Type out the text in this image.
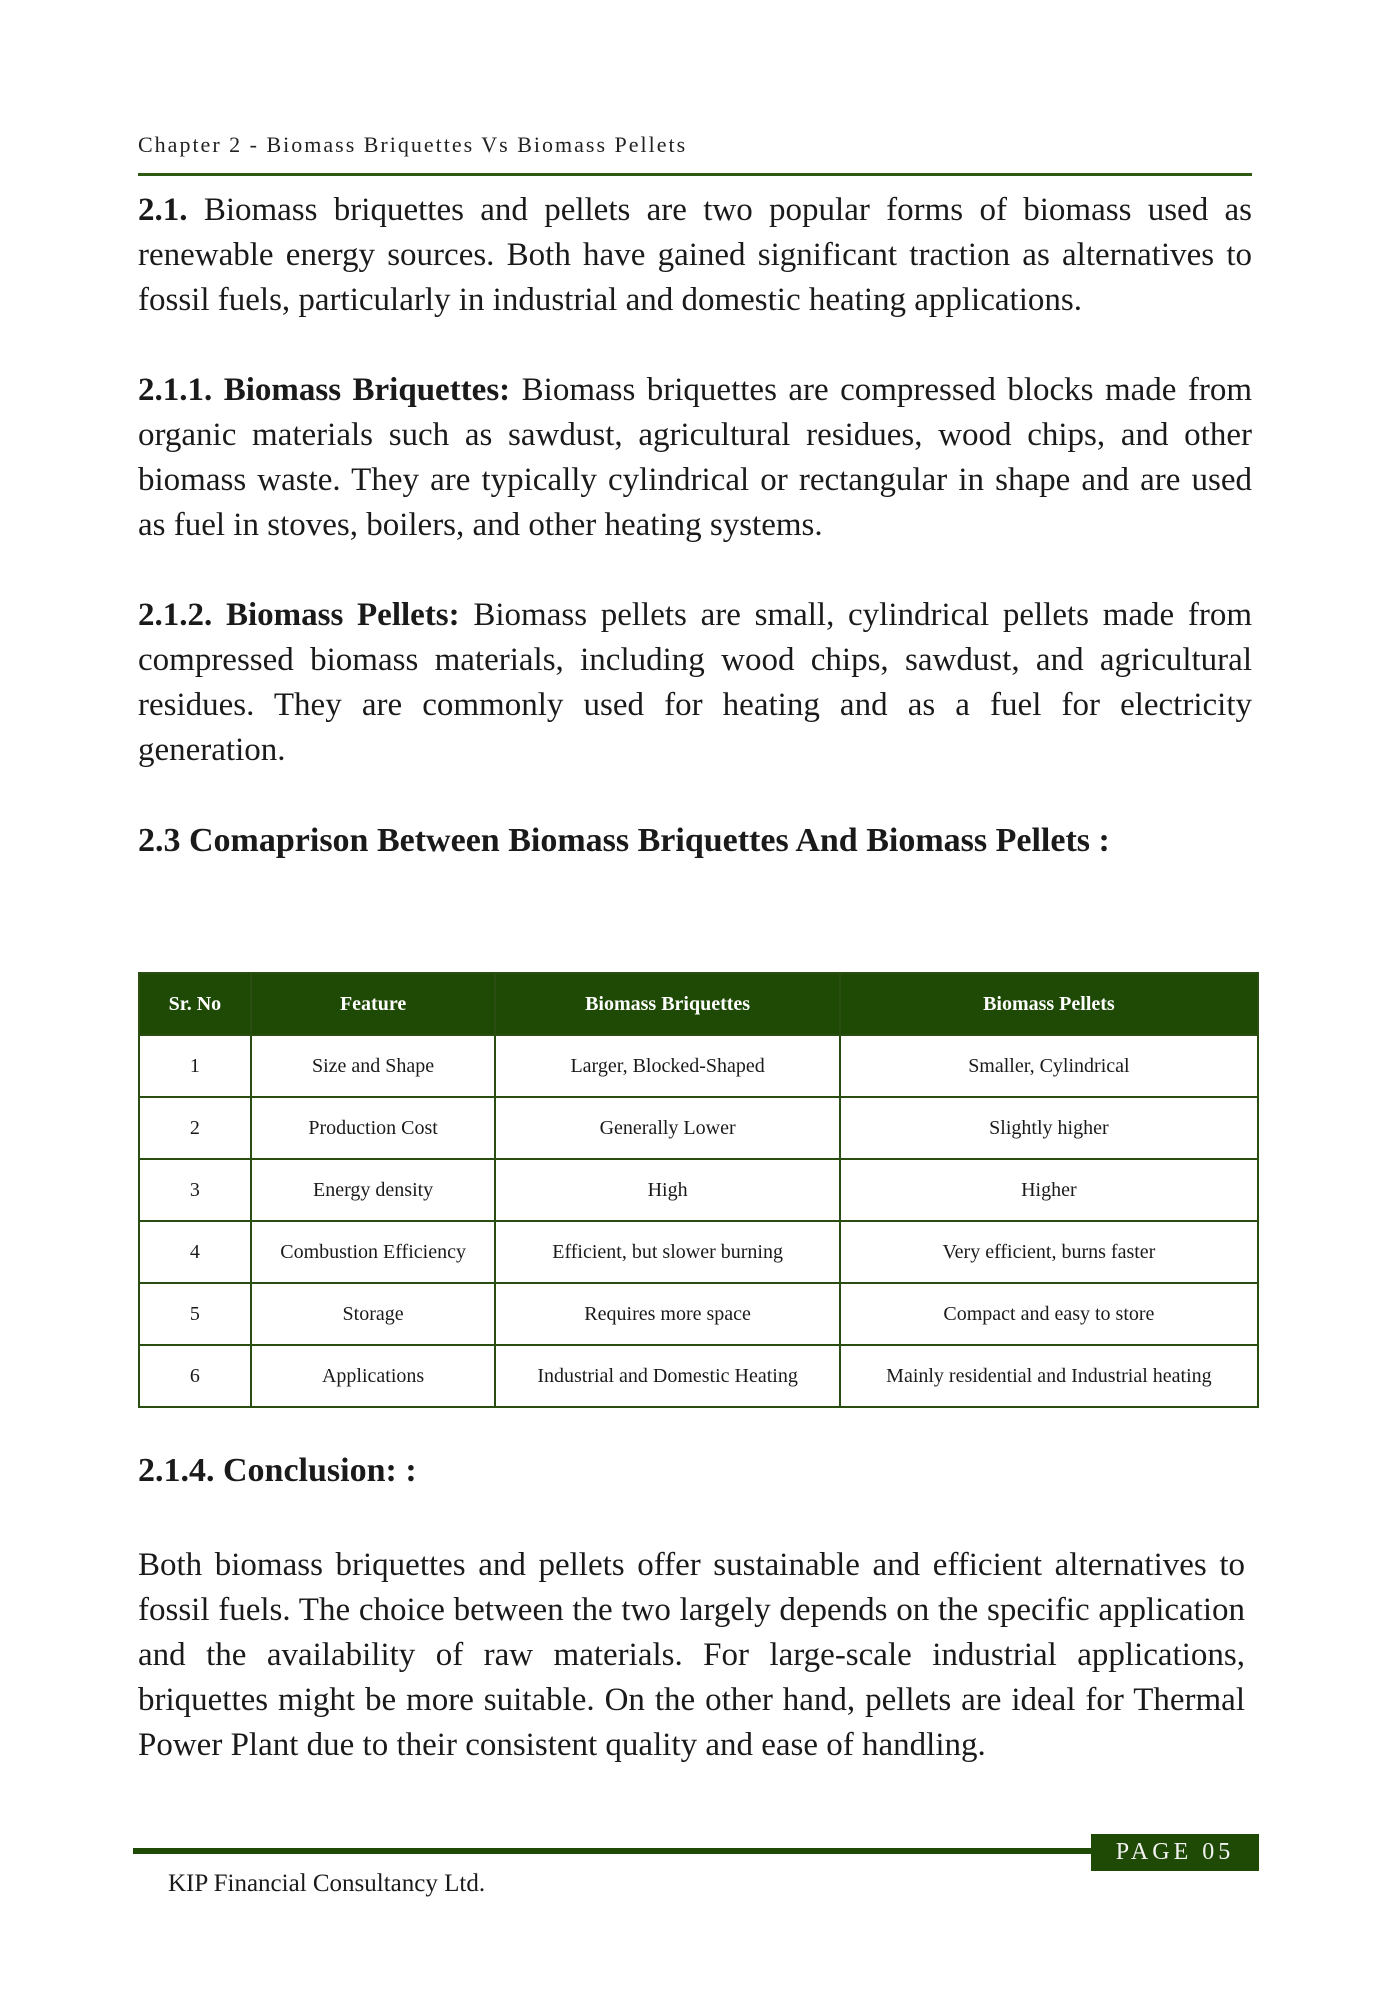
Chapter 2 - Biomass Briquettes Vs Biomass Pellets

2.1. Biomass briquettes and pellets are two popular forms of biomass used as renewable energy sources. Both have gained significant traction as alternatives to fossil fuels, particularly in industrial and domestic heating applications.

2.1.1. Biomass Briquettes: Biomass briquettes are compressed blocks made from organic materials such as sawdust, agricultural residues, wood chips, and other biomass waste. They are typically cylindrical or rectangular in shape and are used as fuel in stoves, boilers, and other heating systems.

2.1.2. Biomass Pellets: Biomass pellets are small, cylindrical pellets made from compressed biomass materials, including wood chips, sawdust, and agricultural residues. They are commonly used for heating and as a fuel for electricity generation.

2.3 Comaprison Between Biomass Briquettes And Biomass Pellets :
Sr. No	Feature	Biomass Briquettes	Biomass Pellets
1	Size and Shape	Larger, Blocked-Shaped	Smaller, Cylindrical
2	Production Cost	Generally Lower	Slightly higher
3	Energy density	High	Higher
4	Combustion Efficiency	Efficient, but slower burning	Very efficient, burns faster
5	Storage	Requires more space	Compact and easy to store
6	Applications	Industrial and Domestic Heating	Mainly residential and Industrial heating
2.1.4. Conclusion: :

Both biomass briquettes and pellets offer sustainable and efficient alternatives to fossil fuels. The choice between the two largely depends on the specific application and the availability of raw materials. For large-scale industrial applications, briquettes might be more suitable. On the other hand, pellets are ideal for Thermal Power Plant due to their consistent quality and ease of handling.

PAGE 05
KIP Financial Consultancy Ltd.
